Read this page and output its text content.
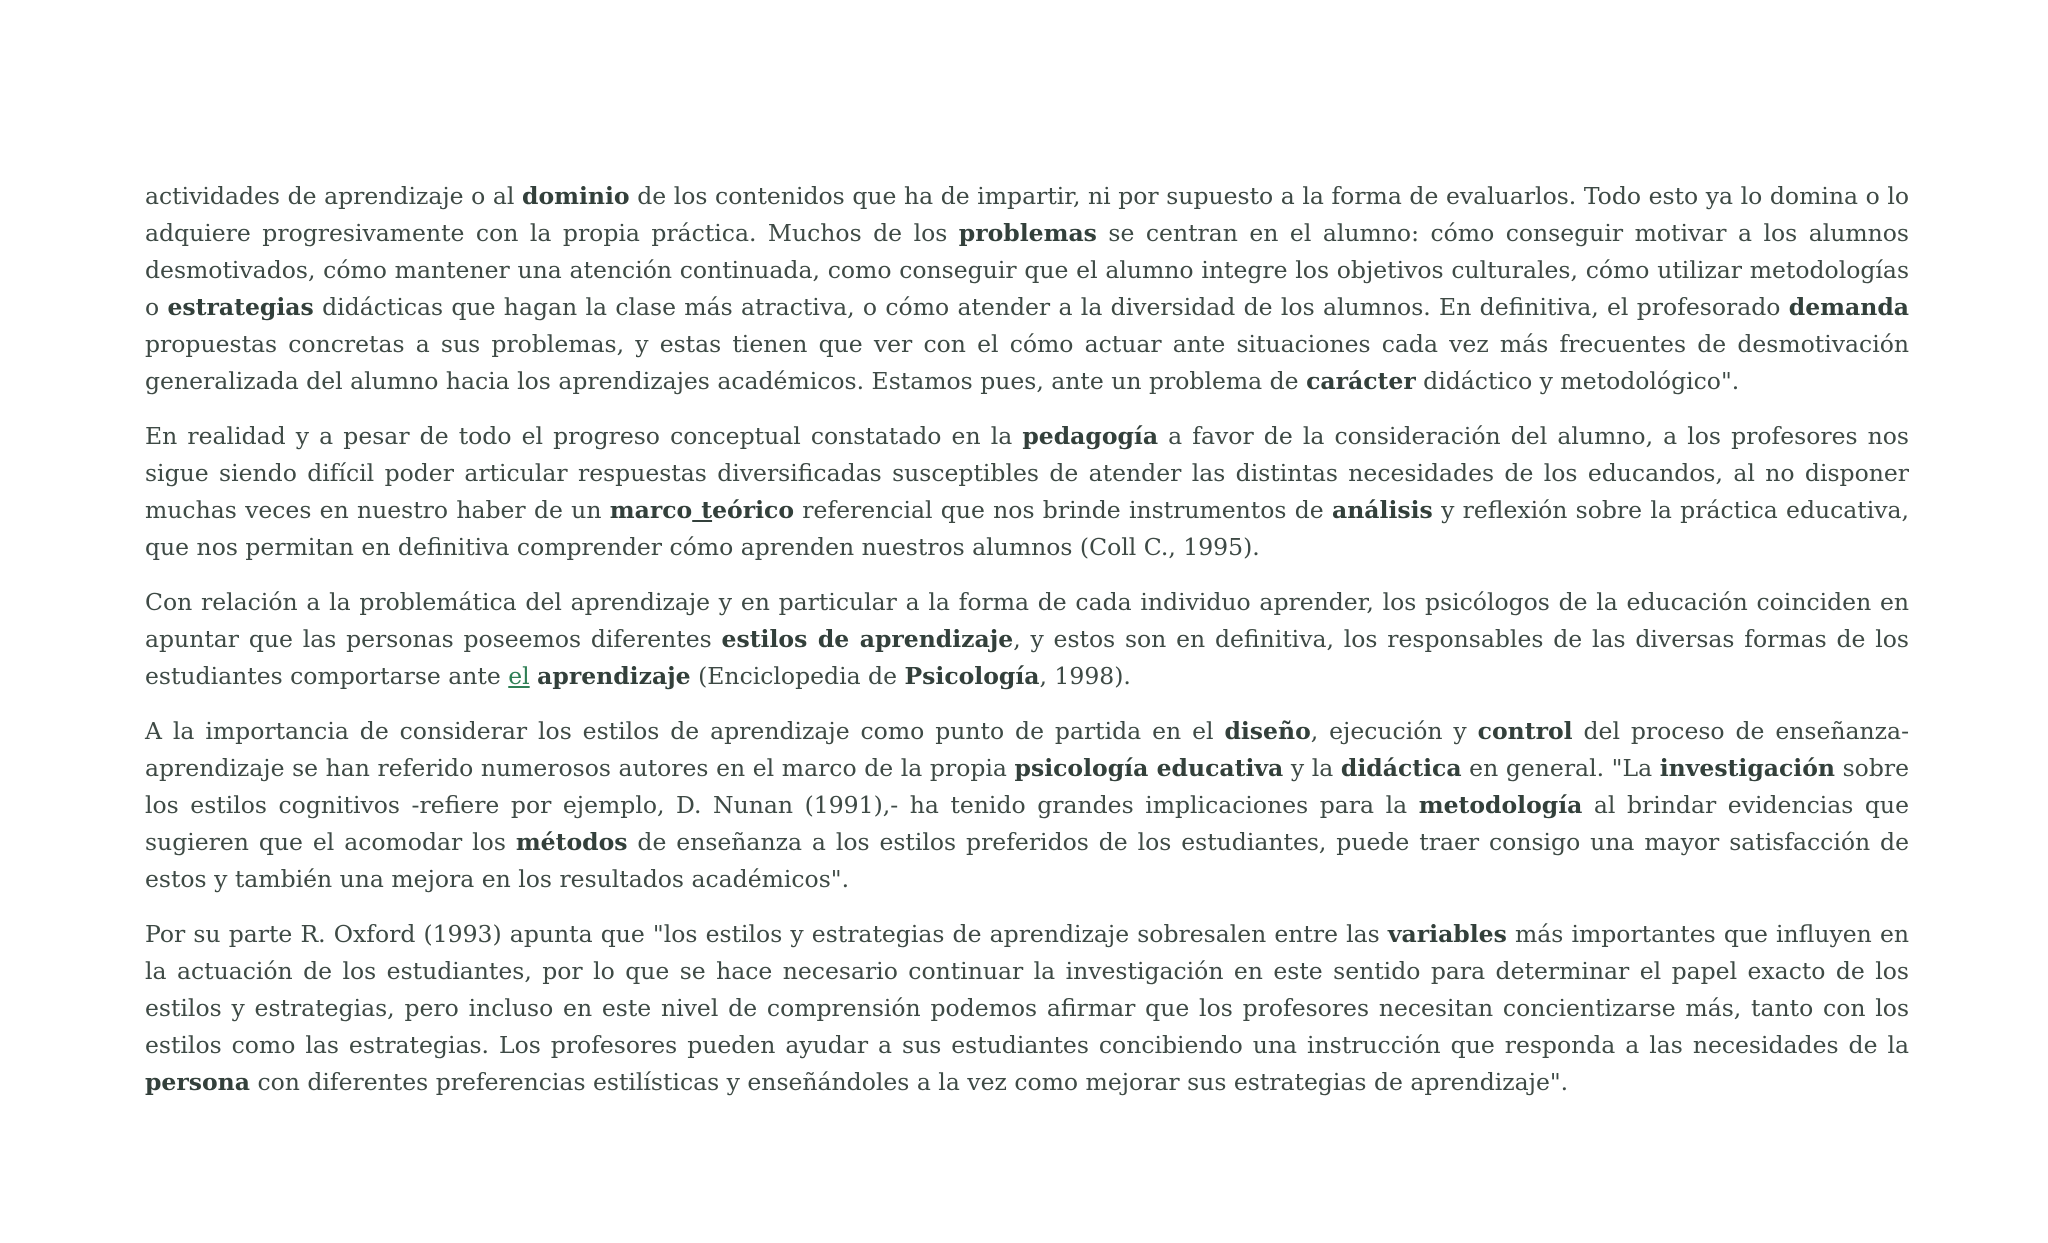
actividades de aprendizaje o al dominio de los contenidos que ha de impartir, ni por supuesto a la forma de evaluarlos. Todo esto ya lo domina o lo adquiere progresivamente con la propia práctica. Muchos de los problemas se centran en el alumno: cómo conseguir motivar a los alumnos desmotivados, cómo mantener una atención continuada, como conseguir que el alumno integre los objetivos culturales, cómo utilizar metodologías o estrategias didácticas que hagan la clase más atractiva, o cómo atender a la diversidad de los alumnos. En definitiva, el profesorado demanda propuestas concretas a sus problemas, y estas tienen que ver con el cómo actuar ante situaciones cada vez más frecuentes de desmotivación generalizada del alumno hacia los aprendizajes académicos. Estamos pues, ante un problema de carácter didáctico y metodológico".

En realidad y a pesar de todo el progreso conceptual constatado en la pedagogía a favor de la consideración del alumno, a los profesores nos sigue siendo difícil poder articular respuestas diversificadas susceptibles de atender las distintas necesidades de los educandos, al no disponer muchas veces en nuestro haber de un marco teórico referencial que nos brinde instrumentos de análisis y reflexión sobre la práctica educativa, que nos permitan en definitiva comprender cómo aprenden nuestros alumnos (Coll C., 1995).

Con relación a la problemática del aprendizaje y en particular a la forma de cada individuo aprender, los psicólogos de la educación coinciden en apuntar que las personas poseemos diferentes estilos de aprendizaje, y estos son en definitiva, los responsables de las diversas formas de los estudiantes comportarse ante el aprendizaje (Enciclopedia de Psicología, 1998).

A la importancia de considerar los estilos de aprendizaje como punto de partida en el diseño, ejecución y control del proceso de enseñanza- aprendizaje se han referido numerosos autores en el marco de la propia psicología educativa y la didáctica en general. "La investigación sobre los estilos cognitivos -refiere por ejemplo, D. Nunan (1991),- ha tenido grandes implicaciones para la metodología al brindar evidencias que sugieren que el acomodar los métodos de enseñanza a los estilos preferidos de los estudiantes, puede traer consigo una mayor satisfacción de estos y también una mejora en los resultados académicos".

Por su parte R. Oxford (1993) apunta que "los estilos y estrategias de aprendizaje sobresalen entre las variables más importantes que influyen en la actuación de los estudiantes, por lo que se hace necesario continuar la investigación en este sentido para determinar el papel exacto de los estilos y estrategias, pero incluso en este nivel de comprensión podemos afirmar que los profesores necesitan concientizarse más, tanto con los estilos como las estrategias. Los profesores pueden ayudar a sus estudiantes concibiendo una instrucción que responda a las necesidades de la persona con diferentes preferencias estilísticas y enseñándoles a la vez como mejorar sus estrategias de aprendizaje".
